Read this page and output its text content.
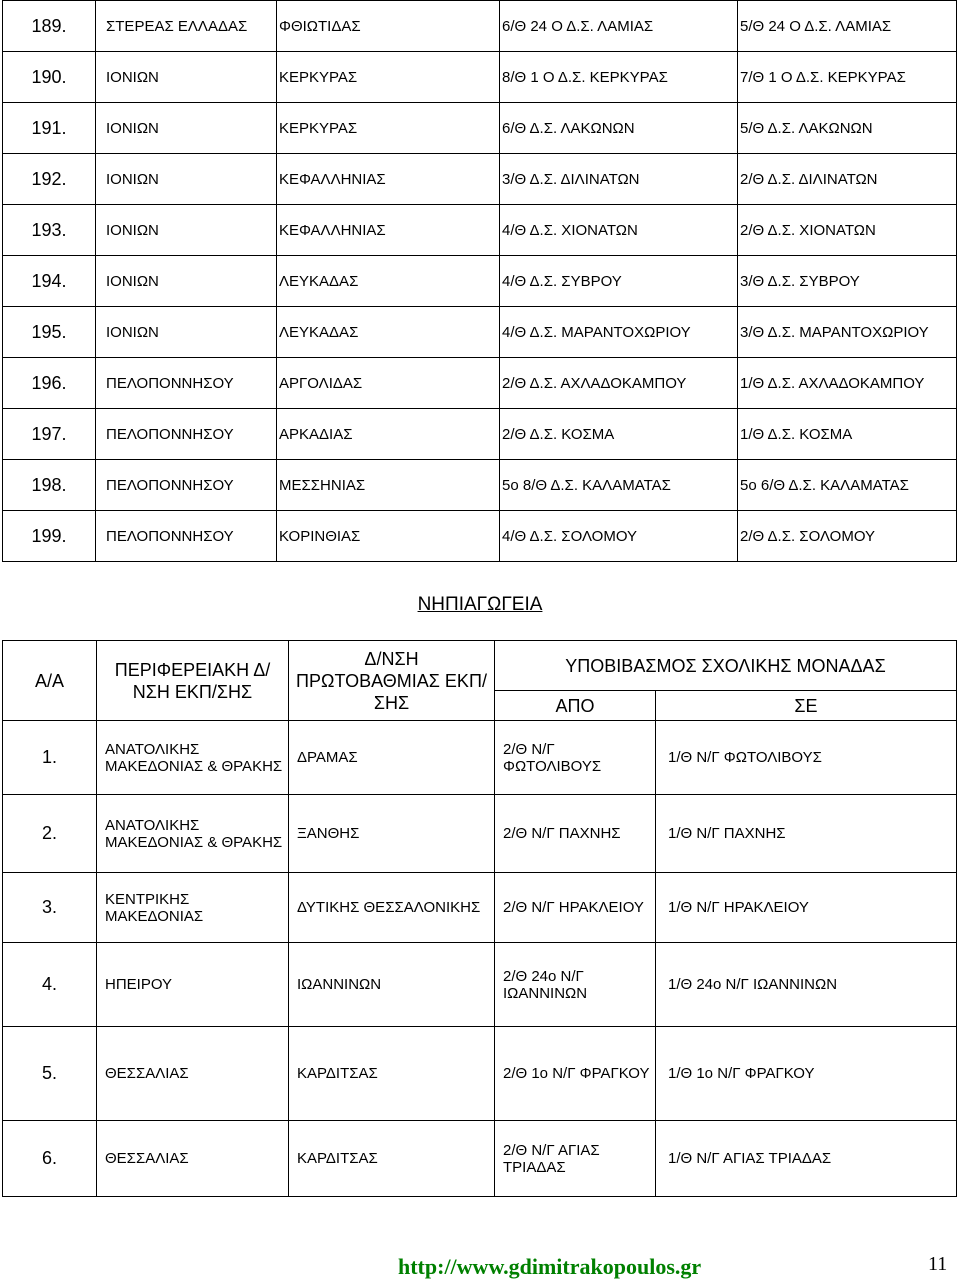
189.	ΣΤΕΡΕΑΣ ΕΛΛΑΔΑΣ	ΦΘΙΩΤΙΔΑΣ	6/Θ 24 Ο Δ.Σ. ΛΑΜΙΑΣ	5/Θ 24 Ο Δ.Σ. ΛΑΜΙΑΣ
190.	ΙΟΝΙΩΝ	ΚΕΡΚΥΡΑΣ	8/Θ 1 Ο Δ.Σ. ΚΕΡΚΥΡΑΣ	7/Θ 1 Ο Δ.Σ. ΚΕΡΚΥΡΑΣ
191.	ΙΟΝΙΩΝ	ΚΕΡΚΥΡΑΣ	6/Θ Δ.Σ. ΛΑΚΩΝΩΝ	5/Θ Δ.Σ. ΛΑΚΩΝΩΝ
192.	ΙΟΝΙΩΝ	ΚΕΦΑΛΛΗΝΙΑΣ	3/Θ Δ.Σ. ΔΙΛΙΝΑΤΩΝ	2/Θ Δ.Σ. ΔΙΛΙΝΑΤΩΝ
193.	ΙΟΝΙΩΝ	ΚΕΦΑΛΛΗΝΙΑΣ	4/Θ Δ.Σ. ΧΙΟΝΑΤΩΝ	2/Θ Δ.Σ. ΧΙΟΝΑΤΩΝ
194.	ΙΟΝΙΩΝ	ΛΕΥΚΑΔΑΣ	4/Θ Δ.Σ. ΣΥΒΡΟΥ	3/Θ Δ.Σ. ΣΥΒΡΟΥ
195.	ΙΟΝΙΩΝ	ΛΕΥΚΑΔΑΣ	4/Θ Δ.Σ. ΜΑΡΑΝΤΟΧΩΡΙΟΥ	3/Θ Δ.Σ. ΜΑΡΑΝΤΟΧΩΡΙΟΥ
196.	ΠΕΛΟΠΟΝΝΗΣΟΥ	ΑΡΓΟΛΙΔΑΣ	2/Θ Δ.Σ. ΑΧΛΑΔΟΚΑΜΠΟΥ	1/Θ Δ.Σ. ΑΧΛΑΔΟΚΑΜΠΟΥ
197.	ΠΕΛΟΠΟΝΝΗΣΟΥ	ΑΡΚΑΔΙΑΣ	2/Θ Δ.Σ. ΚΟΣΜΑ	1/Θ Δ.Σ. ΚΟΣΜΑ
198.	ΠΕΛΟΠΟΝΝΗΣΟΥ	ΜΕΣΣΗΝΙΑΣ	5ο 8/Θ Δ.Σ. ΚΑΛΑΜΑΤΑΣ	5ο 6/Θ Δ.Σ. ΚΑΛΑΜΑΤΑΣ
199.	ΠΕΛΟΠΟΝΝΗΣΟΥ	ΚΟΡΙΝΘΙΑΣ	4/Θ Δ.Σ. ΣΟΛΟΜΟΥ	2/Θ Δ.Σ. ΣΟΛΟΜΟΥ
ΝΗΠΙΑΓΩΓΕΙΑ
Α/Α	ΠΕΡΙΦΕΡΕΙΑΚΗ Δ/ΝΣΗ ΕΚΠ/ΣΗΣ	Δ/ΝΣΗ ΠΡΩΤΟΒΑΘΜΙΑΣ ΕΚΠ/ΣΗΣ	ΥΠΟΒΙΒΑΣΜΟΣ ΣΧΟΛΙΚΗΣ ΜΟΝΑΔΑΣ	
			ΑΠΟ	ΣΕ
1.	ΑΝΑΤΟΛΙΚΗΣ ΜΑΚΕΔΟΝΙΑΣ & ΘΡΑΚΗΣ	ΔΡΑΜΑΣ	2/Θ Ν/Γ ΦΩΤΟΛΙΒΟΥΣ	1/Θ Ν/Γ ΦΩΤΟΛΙΒΟΥΣ
2.	ΑΝΑΤΟΛΙΚΗΣ ΜΑΚΕΔΟΝΙΑΣ & ΘΡΑΚΗΣ	ΞΑΝΘΗΣ	2/Θ Ν/Γ ΠΑΧΝΗΣ	1/Θ Ν/Γ ΠΑΧΝΗΣ
3.	ΚΕΝΤΡΙΚΗΣ ΜΑΚΕΔΟΝΙΑΣ	ΔΥΤΙΚΗΣ ΘΕΣΣΑΛΟΝΙΚΗΣ	2/Θ Ν/Γ ΗΡΑΚΛΕΙΟΥ	1/Θ Ν/Γ ΗΡΑΚΛΕΙΟΥ
4.	ΗΠΕΙΡΟΥ	ΙΩΑΝΝΙΝΩΝ	2/Θ 24ο Ν/Γ ΙΩΑΝΝΙΝΩΝ	1/Θ 24ο Ν/Γ ΙΩΑΝΝΙΝΩΝ
5.	ΘΕΣΣΑΛΙΑΣ	ΚΑΡΔΙΤΣΑΣ	2/Θ 1ο Ν/Γ ΦΡΑΓΚΟΥ	1/Θ 1ο Ν/Γ ΦΡΑΓΚΟΥ
6.	ΘΕΣΣΑΛΙΑΣ	ΚΑΡΔΙΤΣΑΣ	2/Θ Ν/Γ ΑΓΙΑΣ ΤΡΙΑΔΑΣ	1/Θ Ν/Γ ΑΓΙΑΣ ΤΡΙΑΔΑΣ
http://www.gdimitrakopoulos.gr	11
